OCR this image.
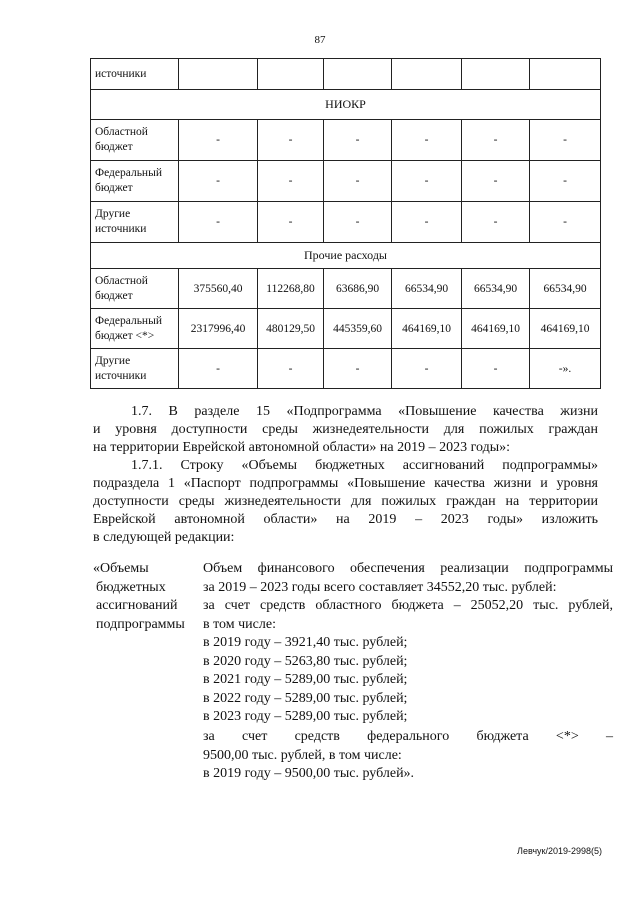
87
источники						
НИОКР						
Областной бюджет	-	-	-	-	-	-
Федеральный бюджет	-	-	-	-	-	-
Другие источники	-	-	-	-	-	-
Прочие расходы						
Областной бюджет	375560,40	112268,80	63686,90	66534,90	66534,90	66534,90
Федеральный бюджет <*>	2317996,40	480129,50	445359,60	464169,10	464169,10	464169,10
Другие источники	-	-	-	-	-	-».
1.7. В разделе 15 «Подпрограмма «Повышение качества жизни
и уровня доступности среды жизнедеятельности для пожилых граждан
на территории Еврейской автономной области» на 2019 – 2023 годы»:
1.7.1. Строку «Объемы бюджетных ассигнований подпрограммы»
подраздела 1 «Паспорт подпрограммы «Повышение качества жизни и уровня
доступности среды жизнедеятельности для пожилых граждан на территории
Еврейской автономной области» на 2019 – 2023 годы» изложить
в следующей редакции:
«Объемы
бюджетных
ассигнований
подпрограммы
Объем финансового обеспечения реализации подпрограммы
за 2019 – 2023 годы всего составляет 34552,20 тыс. рублей:
за счет средств областного бюджета – 25052,20 тыс. рублей,
в том числе:
в 2019 году – 3921,40 тыс. рублей;
в 2020 году – 5263,80 тыс. рублей;
в 2021 году – 5289,00 тыс. рублей;
в 2022 году – 5289,00 тыс. рублей;
в 2023 году – 5289,00 тыс. рублей;
за счет средств федерального бюджета <*> –
9500,00 тыс. рублей, в том числе:
в 2019 году – 9500,00 тыс. рублей».
Левчук/2019-2998(5)
